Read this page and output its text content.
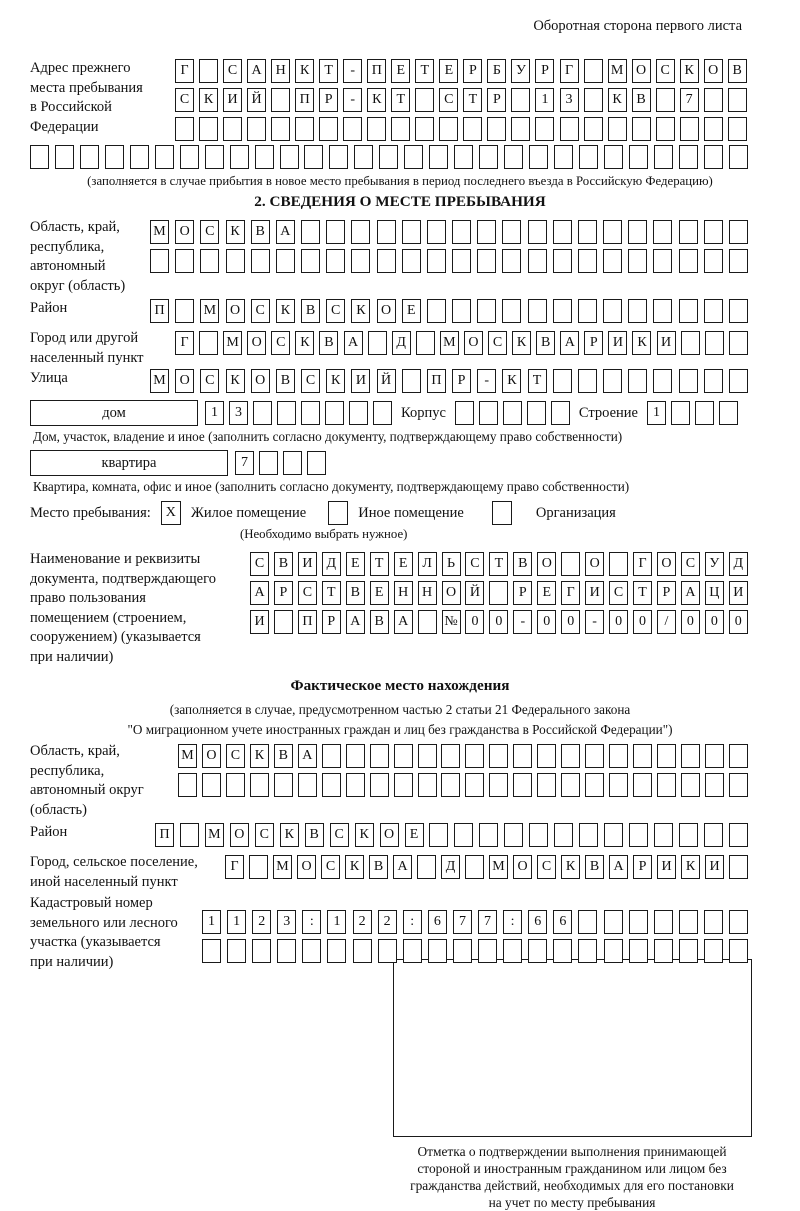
Оборотная сторона первого листа
Адрес прежнего
места пребывания
в Российской
Федерации
Г	С	А Н	К	Т	-	П	Е	Т	Е	Р	Б	У	Р	Г	М О	С	К	О	В
С	К	И Й	П	Р	-	К	Т	С	Т	Р	1	3	К	В	7
(заполняется в случае прибытия в новое место пребывания в период последнего въезда в Российскую Федерацию)
2. СВЕДЕНИЯ О МЕСТЕ ПРЕБЫВАНИЯ
Область, край,
республика,
автономный
округ (область)
М О	С	К	В	А
Район	П	М О	С	К	В	С	К	О	Е
Город или другой
населенный пункт
Г	М О	С	К	В	А	Д	М О	С	К	В	А	Р	И	К	И
Улица	М О	С	К	О	В	С	К	И	Й	П	Р	-	К	Т
дом	1	3	Корпус	Строение	1
Дом, участок, владение и иное (заполнить согласно документу, подтверждающему право собственности)
квартира	7
Квартира, комната, офис и иное (заполнить согласно документу, подтверждающему право собственности)
Место пребывания:	X	Жилое помещение	Иное помещение	Организация
(Необходимо выбрать нужное)
Наименование и реквизиты
документа, подтверждающего
право пользования
помещением (строением,
сооружением) (указывается
при наличии)
С	В	И	Д	Е	Т	Е	Л	Ь	С	Т	В	О	О	Г	О	С	У	Д
А	Р	С	Т	В	Е	Н Н О Й	Р	Е	Г	И	С	Т	Р	А Ц И
И	П	Р	А	В	А	№ 0	0	-	0	0	-	0	0	/	0	0	0
Фактическое место нахождения
(заполняется в случае, предусмотренном частью 2 статьи 21 Федерального закона
"О миграционном учете иностранных граждан и лиц без гражданства в Российской Федерации")
Область, край,
республика,
автономный округ
(область)
М О	С	К	В	А
Район	П	М О	С	К	В	С	К	О	Е
Город, сельское поселение,
иной населенный пункт
Г	М О	С	К	В	А	Д	М О	С	К	В	А	Р	И	К	И
Кадастровый номер
земельного или лесного
участка (указывается
при наличии)
1	1	2	3	:	1	2	2	:	6	7	7	:	6	6
Отметка о подтверждении выполнения принимающей
стороной и иностранным гражданином или лицом без
гражданства действий, необходимых для его постановки
на учет по месту пребывания
